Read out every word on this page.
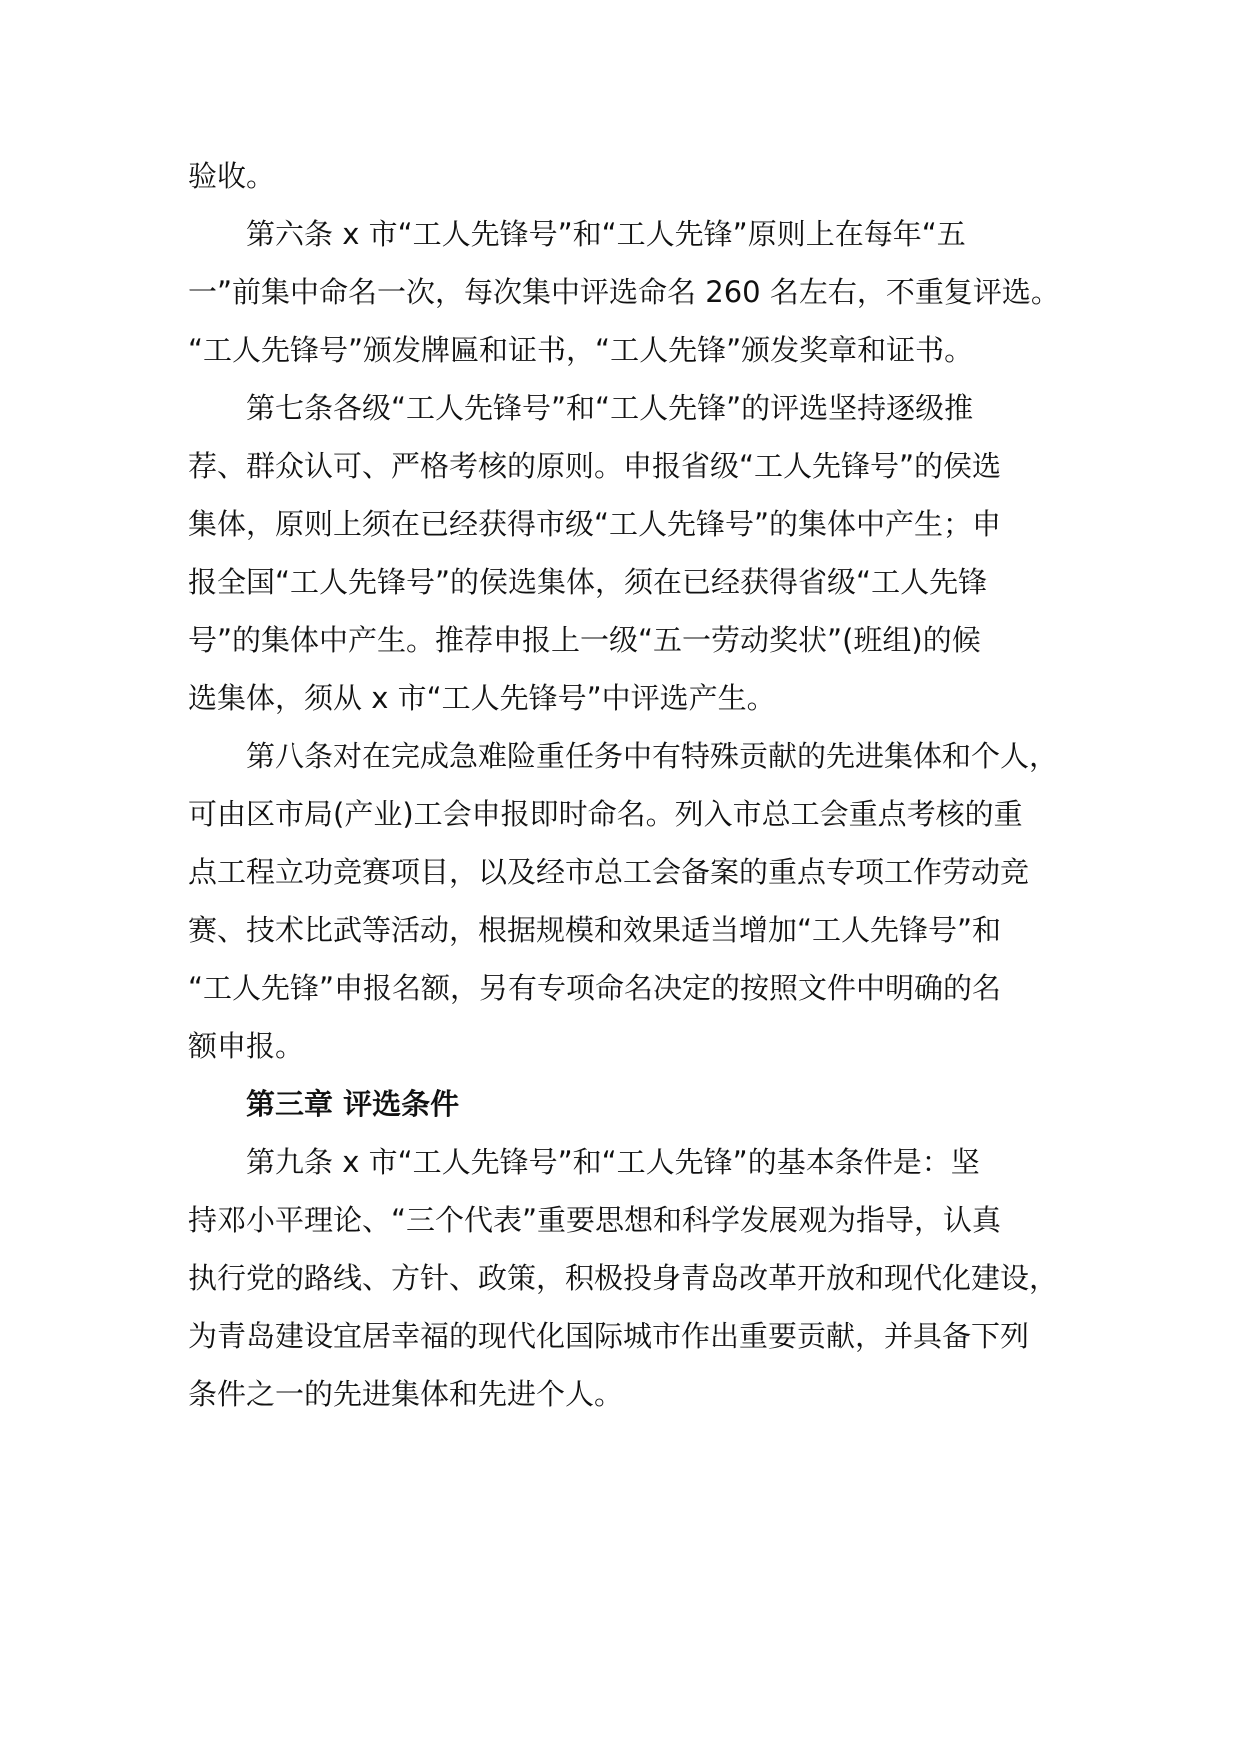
验收。
第六条 x 市“工人先锋号”和“工人先锋”原则上在每年“五
一”前集中命名一次，每次集中评选命名 260 名左右，不重复评选。
“工人先锋号”颁发牌匾和证书，“工人先锋”颁发奖章和证书。
第七条各级“工人先锋号”和“工人先锋”的评选坚持逐级推
荐、群众认可、严格考核的原则。申报省级“工人先锋号”的侯选
集体，原则上须在已经获得市级“工人先锋号”的集体中产生；申
报全国“工人先锋号”的侯选集体，须在已经获得省级“工人先锋
号”的集体中产生。推荐申报上一级“五一劳动奖状”(班组)的候
选集体，须从 x 市“工人先锋号”中评选产生。
第八条对在完成急难险重任务中有特殊贡献的先进集体和个人，
可由区市局(产业)工会申报即时命名。列入市总工会重点考核的重
点工程立功竞赛项目，以及经市总工会备案的重点专项工作劳动竞
赛、技术比武等活动，根据规模和效果适当增加“工人先锋号”和
“工人先锋”申报名额，另有专项命名决定的按照文件中明确的名
额申报。
第三章 评选条件
第九条 x 市“工人先锋号”和“工人先锋”的基本条件是：坚
持邓小平理论、“三个代表”重要思想和科学发展观为指导，认真
执行党的路线、方针、政策，积极投身青岛改革开放和现代化建设，
为青岛建设宜居幸福的现代化国际城市作出重要贡献，并具备下列
条件之一的先进集体和先进个人。
